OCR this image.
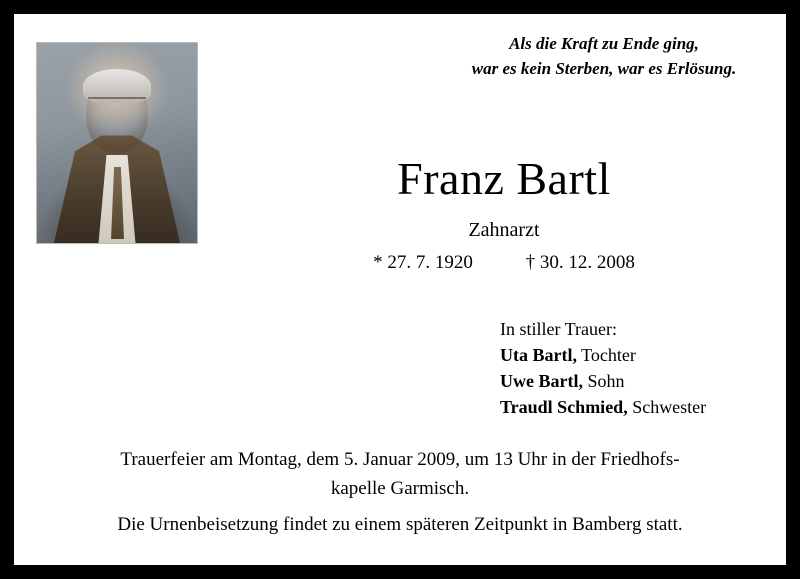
Als die Kraft zu Ende ging,
war es kein Sterben, war es Erlösung.
Franz Bartl
Zahnarzt
* 27. 7. 1920	† 30. 12. 2008
In stiller Trauer:
Uta Bartl, Tochter
Uwe Bartl, Sohn
Traudl Schmied, Schwester
Trauerfeier am Montag, dem 5. Januar 2009, um 13 Uhr in der Friedhofs-
kapelle Garmisch.
Die Urnenbeisetzung findet zu einem späteren Zeitpunkt in Bamberg statt.
